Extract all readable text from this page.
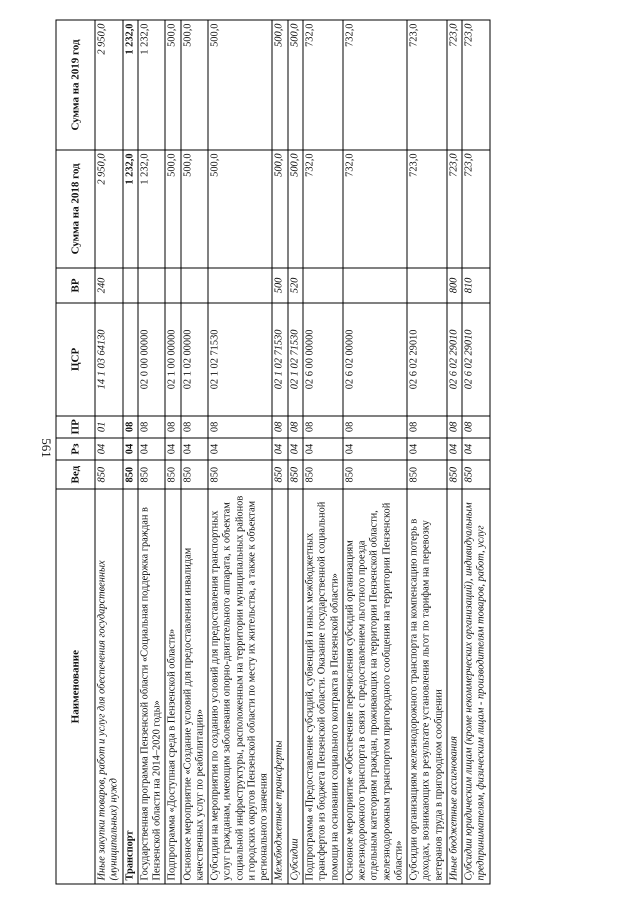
561
Наименование	Вед	Рз	ПР	ЦСР	ВР	Сумма на 2018 год	Сумма на 2019 год
Иные закупки товаров, работ и услуг для обеспечения государственных (муниципальных) нужд	850	04	01	14 1 03 64130	240	2 950,0	2 950,0
Транспорт	850	04	08			1 232,0	1 232,0
Государственная программа Пензенской области «Социальная поддержка граждан в Пензенской области на 2014–2020 годы»	850	04	08	02 0 00 00000		1 232,0	1 232,0
Подпрограмма «Доступная среда в Пензенской области»	850	04	08	02 1 00 00000		500,0	500,0
Основное мероприятие «Создание условий для предоставления инвалидам качественных услуг по реабилитации»	850	04	08	02 1 02 00000		500,0	500,0
Субсидии на мероприятия по созданию условий для предоставления транспортных услуг гражданам, имеющим заболевания опорно-двигательного аппарата, к объектам социальной инфраструктуры, расположенным на территории муниципальных районов и городских округов Пензенской области по месту их жительства, а также к объектам регионального значения	850	04	08	02 1 02 71530		500,0	500,0
Межбюджетные трансферты	850	04	08	02 1 02 71530	500	500,0	500,0
Субсидии	850	04	08	02 1 02 71530	520	500,0	500,0
Подпрограмма «Предоставление субсидий, субвенций и иных межбюджетных трансфертов из бюджета Пензенской области. Оказание государственной социальной помощи на основании социального контракта в Пензенской области»	850	04	08	02 6 00 00000		732,0	732,0
Основное мероприятие «Обеспечение перечисления субсидий организациям железнодорожного транспорта в связи с предоставлением льготного проезда отдельным категориям граждан, проживающих на территории Пензенской области, железнодорожным транспортом пригородного сообщения на территории Пензенской области»	850	04	08	02 6 02 00000		732,0	732,0
Субсидии организациям железнодорожного транспорта на компенсацию потерь в доходах, возникающих в результате установления льгот по тарифам на перевозку ветеранов труда в пригородном сообщении	850	04	08	02 6 02 29010		723,0	723,0
Иные бюджетные ассигнования	850	04	08	02 6 02 29010	800	723,0	723,0
Субсидии юридическим лицам (кроме некоммерческих организаций), индивидуальным предпринимателям, физическим лицам - производителям товаров, работ, услуг	850	04	08	02 6 02 29010	810	723,0	723,0
